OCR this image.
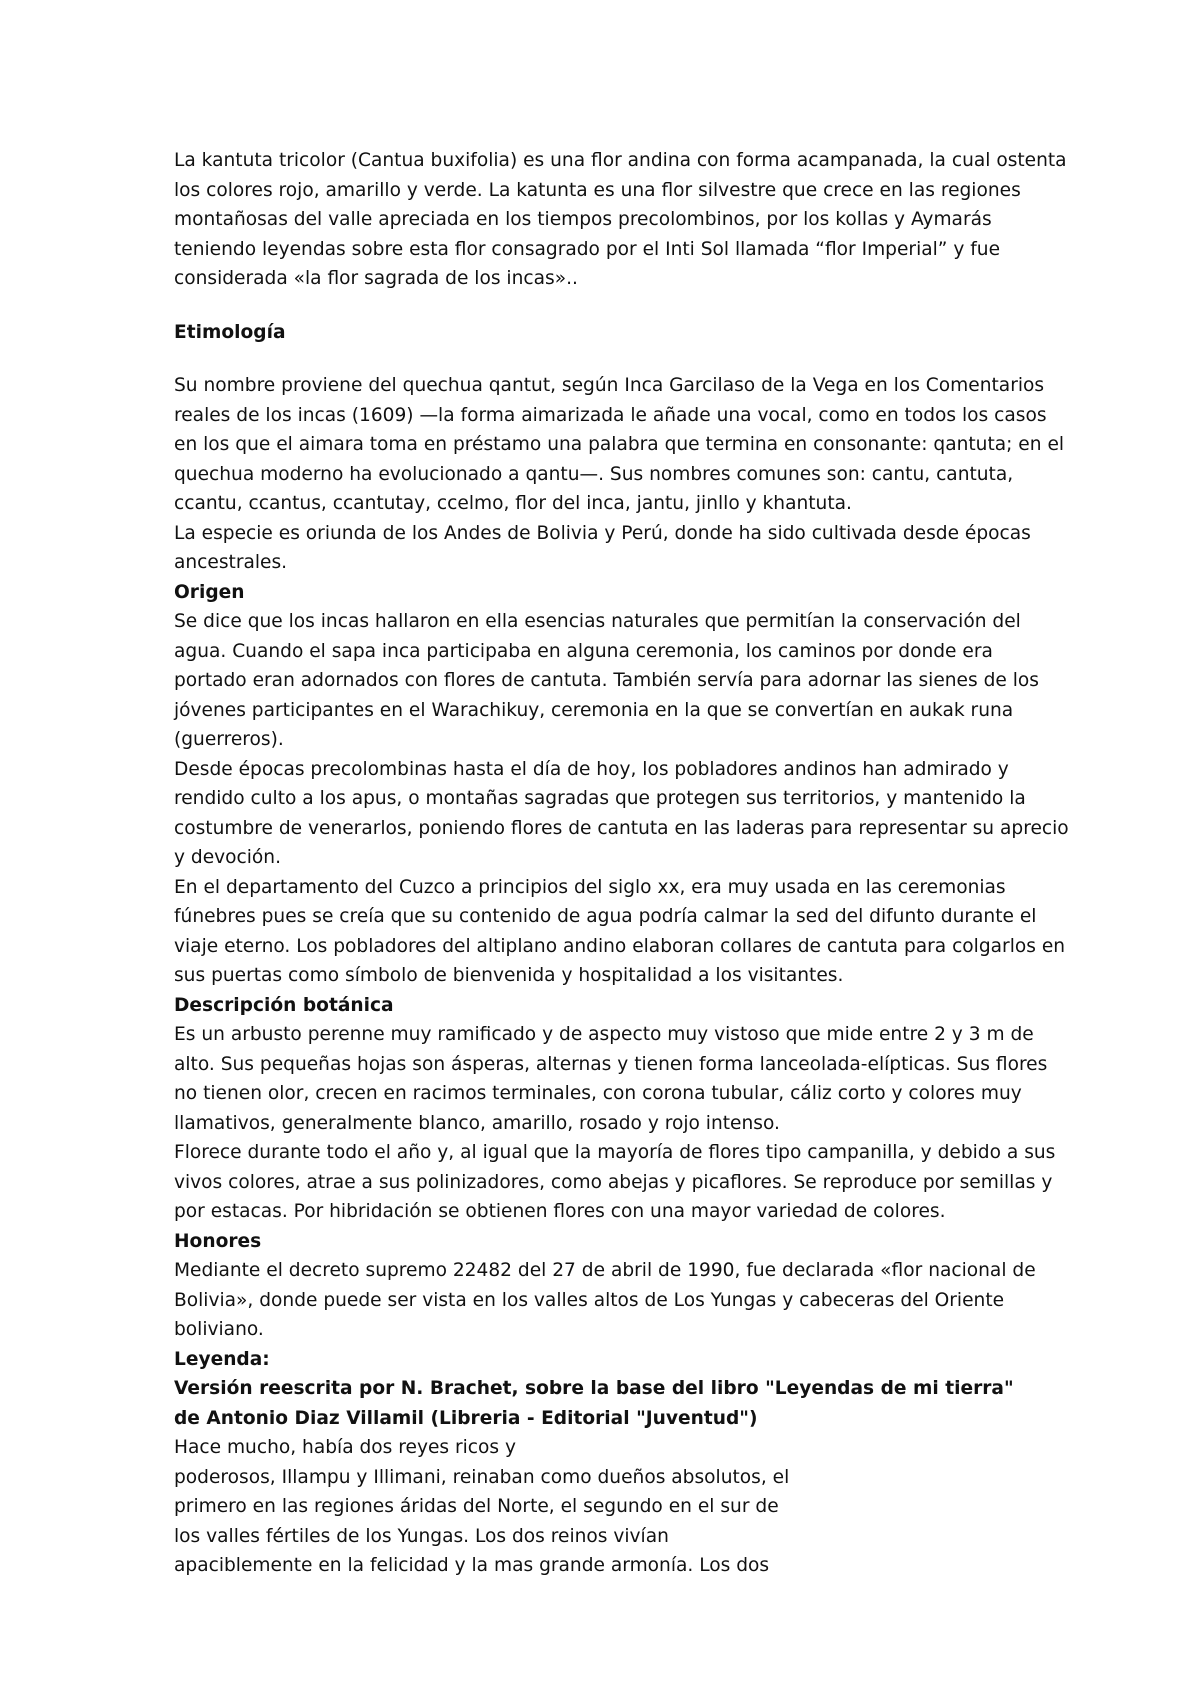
La kantuta tricolor (Cantua buxifolia) es una flor andina con forma acampanada, la cual ostenta
los colores rojo, amarillo y verde. La katunta es una flor silvestre que crece en las regiones
montañosas del valle apreciada en los tiempos precolombinos, por los kollas y Aymarás
teniendo leyendas sobre esta flor consagrado por el Inti Sol llamada “flor Imperial” y fue
considerada «la flor sagrada de los incas»..
Etimología
Su nombre proviene del quechua qantut, según Inca Garcilaso de la Vega en los Comentarios
reales de los incas (1609) —la forma aimarizada le añade una vocal, como en todos los casos
en los que el aimara toma en préstamo una palabra que termina en consonante: qantuta; en el
quechua moderno ha evolucionado a qantu—. Sus nombres comunes son: cantu, cantuta,
ccantu, ccantus, ccantutay, ccelmo, flor del inca, jantu, jinllo y khantuta.
La especie es oriunda de los Andes de Bolivia y Perú, donde ha sido cultivada desde épocas
ancestrales.
Origen
Se dice que los incas hallaron en ella esencias naturales que permitían la conservación del
agua. Cuando el sapa inca participaba en alguna ceremonia, los caminos por donde era
portado eran adornados con flores de cantuta. También servía para adornar las sienes de los
jóvenes participantes en el Warachikuy, ceremonia en la que se convertían en aukak runa
(guerreros).
Desde épocas precolombinas hasta el día de hoy, los pobladores andinos han admirado y
rendido culto a los apus, o montañas sagradas que protegen sus territorios, y mantenido la
costumbre de venerarlos, poniendo flores de cantuta en las laderas para representar su aprecio
y devoción.
En el departamento del Cuzco a principios del siglo xx, era muy usada en las ceremonias
fúnebres pues se creía que su contenido de agua podría calmar la sed del difunto durante el
viaje eterno. Los pobladores del altiplano andino elaboran collares de cantuta para colgarlos en
sus puertas como símbolo de bienvenida y hospitalidad a los visitantes.
Descripción botánica
Es un arbusto perenne muy ramificado y de aspecto muy vistoso que mide entre 2 y 3 m de
alto. Sus pequeñas hojas son ásperas, alternas y tienen forma lanceolada-elípticas. Sus flores
no tienen olor, crecen en racimos terminales, con corona tubular, cáliz corto y colores muy
llamativos, generalmente blanco, amarillo, rosado y rojo intenso.
Florece durante todo el año y, al igual que la mayoría de flores tipo campanilla, y debido a sus
vivos colores, atrae a sus polinizadores, como abejas y picaflores. Se reproduce por semillas y
por estacas. Por hibridación se obtienen flores con una mayor variedad de colores.
Honores
Mediante el decreto supremo 22482 del 27 de abril de 1990, fue declarada «flor nacional de
Bolivia», donde puede ser vista en los valles altos de Los Yungas y cabeceras del Oriente
boliviano.
Leyenda:
Versión reescrita por N. Brachet, sobre la base del libro "Leyendas de mi tierra"
de Antonio Diaz Villamil (Libreria - Editorial "Juventud")
Hace mucho, había dos reyes ricos y
poderosos, Illampu y Illimani, reinaban como dueños absolutos, el
primero en las regiones áridas del Norte, el segundo en el sur de
los valles fértiles de los Yungas. Los dos reinos vivían
apaciblemente en la felicidad y la mas grande armonía. Los dos
